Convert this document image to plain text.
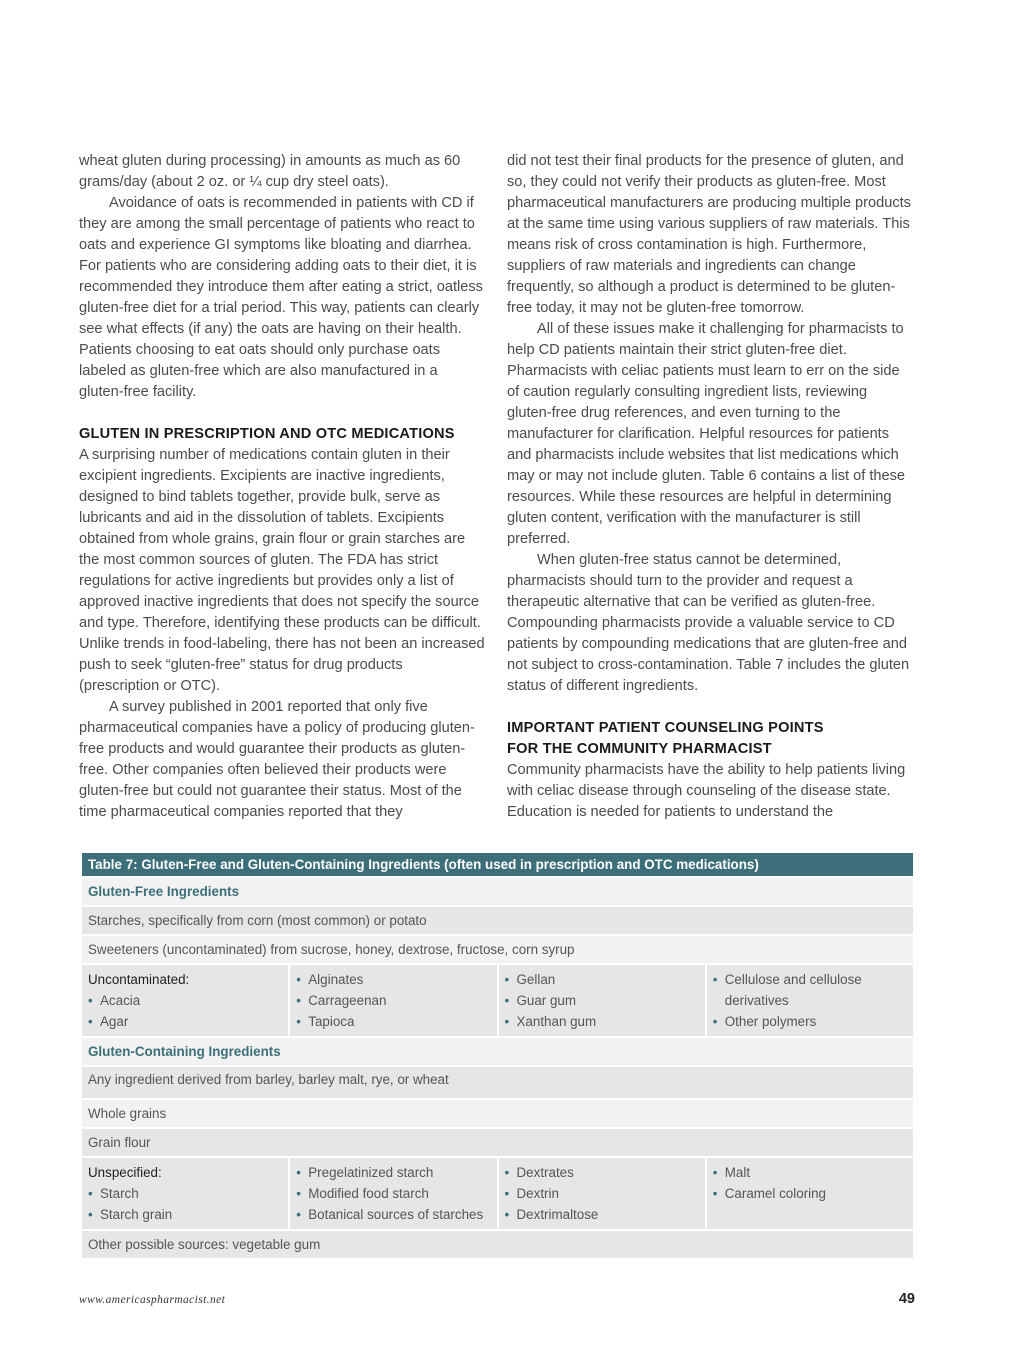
wheat gluten during processing) in amounts as much as 60 grams/day (about 2 oz. or ¼ cup dry steel oats).

Avoidance of oats is recommended in patients with CD if they are among the small percentage of patients who react to oats and experience GI symptoms like bloating and diarrhea. For patients who are considering adding oats to their diet, it is recommended they introduce them after eating a strict, oatless gluten-free diet for a trial period. This way, patients can clearly see what effects (if any) the oats are having on their health. Patients choosing to eat oats should only purchase oats labeled as gluten-free which are also manufactured in a gluten-free facility.

GLUTEN IN PRESCRIPTION AND OTC MEDICATIONS

A surprising number of medications contain gluten in their excipient ingredients. Excipients are inactive ingredients, designed to bind tablets together, provide bulk, serve as lubricants and aid in the dissolution of tablets. Excipients obtained from whole grains, grain flour or grain starches are the most common sources of gluten. The FDA has strict regulations for active ingredients but provides only a list of approved inactive ingredients that does not specify the source and type. Therefore, identifying these products can be difficult. Unlike trends in food-labeling, there has not been an increased push to seek “gluten-free” status for drug products (prescription or OTC).

A survey published in 2001 reported that only five pharmaceutical companies have a policy of producing gluten-free products and would guarantee their products as gluten-free. Other companies often believed their products were gluten-free but could not guarantee their status. Most of the time pharmaceutical companies reported that they

did not test their final products for the presence of gluten, and so, they could not verify their products as gluten-free. Most pharmaceutical manufacturers are producing multiple products at the same time using various suppliers of raw materials. This means risk of cross contamination is high. Furthermore, suppliers of raw materials and ingredients can change frequently, so although a product is determined to be gluten-free today, it may not be gluten-free tomorrow.

All of these issues make it challenging for pharmacists to help CD patients maintain their strict gluten-free diet. Pharmacists with celiac patients must learn to err on the side of caution regularly consulting ingredient lists, reviewing gluten-free drug references, and even turning to the manufacturer for clarification. Helpful resources for patients and pharmacists include websites that list medications which may or may not include gluten. Table 6 contains a list of these resources. While these resources are helpful in determining gluten content, verification with the manufacturer is still preferred.

When gluten-free status cannot be determined, pharmacists should turn to the provider and request a therapeutic alternative that can be verified as gluten-free. Compounding pharmacists provide a valuable service to CD patients by compounding medications that are gluten-free and not subject to cross-contamination. Table 7 includes the gluten status of different ingredients.

IMPORTANT PATIENT COUNSELING POINTS
FOR THE COMMUNITY PHARMACIST

Community pharmacists have the ability to help patients living with celiac disease through counseling of the disease state. Education is needed for patients to understand the

Table 7: Gluten-Free and Gluten-Containing Ingredients (often used in prescription and OTC medications)
Gluten-Free Ingredients
Starches, specifically from corn (most common) or potato
Sweeteners (uncontaminated) from sucrose, honey, dextrose, fructose, corn syrup
Uncontaminated:
• Acacia
• Agar
• Alginates
• Carrageenan
• Tapioca
• Gellan
• Guar gum
• Xanthan gum
• Cellulose and cellulose derivatives
• Other polymers
Gluten-Containing Ingredients
Any ingredient derived from barley, barley malt, rye, or wheat
Whole grains
Grain flour
Unspecified:
• Starch
• Starch grain
• Pregelatinized starch
• Modified food starch
• Botanical sources of starches
• Dextrates
• Dextrin
• Dextrimaltose
• Malt
• Caramel coloring
Other possible sources: vegetable gum
www.americaspharmacist.net	49
